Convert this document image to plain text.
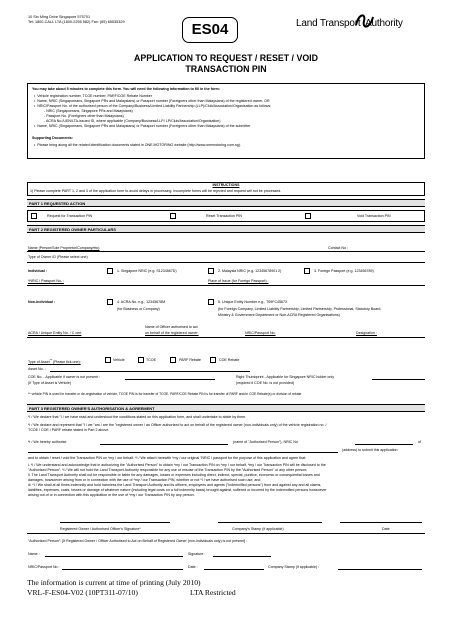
10 Sin Ming Drive Singapore 575701
Tel: 1800-CALL LTA (1800-2255 582) Fax: (65) 65535329	ES04	Land Transport Authority
APPLICATION TO REQUEST / RESET / VOID
TRANSACTION PIN
You may take about 5 minutes to complete this form. You will need the following information to fill in the form:
•  Vehicle registration number, TCOE number, PARF/COE Rebate Number
•  Name, NRIC (Singaporeans, Singapore PRs and Malaysians) or Passport number (Foreigners other than Malaysians) of the registered owner, OR
•  NRIC/Passport No. of the authorised person of the Company/Business/Limited Liability Partnership (LLP)/Club/Association/Organisation as follows:
- NRIC (Singaporeans, Singapore PRs and Malaysians)
- Passport No. (Foreigners other than Malaysians)
- ACRA No./UEN/LTA-issued ID, where applicable (Company/Business/LLP/ LP/Club/Association/Organisation)
•  Name, NRIC (Singaporeans, Singapore PRs and Malaysians) or Passport number (Foreigners other than Malaysians) of the submitter
Supporting Documents:
•  Please bring along all the related identification documents stated in ONE.MOTORING website (http://www.onemotoring.com.sg).
INSTRUCTIONS
1) Please complete PART 1, 2 and 3 of the application form to avoid delays in processing. Incomplete forms will be rejected and request will not be processed.
PART 1 REQUESTED ACTION
Request for Transaction PIN	Reset Transaction PIN	Void Transaction PIN
PART 2 REGISTERED OWNER PARTICULARS
Name (Person/Sole Proprietor/Company/etc)	Contact No :
Type of Owner ID (Please select one)
Individual :	1. Singapore NRIC (e.g. S1234567D)	2. Malaysia NRIC (e.g. 12345678901 2)	3. Foreign Passport (e.g. 123456789)
*NRIC / Passport No. :	Place of Issue (for Foreign Passport) :
Non-individual :	4. ACRA No. e.g., 12345678M
(for Business or Company)
5. Unique Entity Number e.g., T09FC4567X
(for Foreign Company, Limited Liability Partnership, Limited Partnership, Professional, Statutory Board,
Ministry & Government Department or Non-ACRA Registered Organisations)
Name of Officer authorised to act
on behalf of the registered owner:
ACRA / Unique Entity No. / C cert	NRIC/Passport No:	Designation :
Type of Asset** (Please tick one):
Vehicle	TCOE	PARF Rebate	COE Rebate
Asset No. :
COE No. - Applicable if owner is not present :
(If Type of Asset is Vehicle)
Right Thumbprint - Applicable for Singapore NRIC holder only
(required if COE No. is not provided)
** vehicle PIN is used for transfer or de-registration of vehicle, TCOE PIN is for transfer of TCOE, PARF/COE Rebate PIN is for transfer of PARF and/or COE Rebate(s) or division of rebate
PART 3 REGISTERED OWNER'S AUTHORISATION & AGREEMENT
*I / We declare that "I / we have read and understood the conditions stated on this application form, and shall undertake to abide by them.
*I / We declare and represent that "I / we "am / are the "registered owner / an Officer authorized to act on behalf of the registered owner (non-individuals only) of the vehicle registration no. /
TCOE / COE / PARF rebate stated in Part 2 above.
*I / We hereby authorise	(name of "Authorised Person"), NRIC No	of
(address) to submit this application
and to obtain / reset / void the Transaction PIN on *my / our behalf. *I / We attach herewith *my / our original "NRIC / passport for the purpose of this application and agree that:
i. *I / We understand and acknowledge that in authorizing the "Authorised Person" to obtain *my / our Transaction PIN on *my / our behalf, *my / our Transaction PIN will be disclosed to the
"Authorised Person". *I / We will not hold the Land Transport Authority responsible for any use or misuse of the Transaction PIN by the "Authorised Person" or any other person;
ii. The Land Transport Authority shall not be responsible or liable for any damages, losses or expenses including direct, indirect, special, punitive, economic or consequential losses and
damages, howsoever arising from or in connection with the use of *my / our Transaction PIN, whether or not *I / we have authorised such use; and
iii. *I / We shall at all times indemnify and hold harmless the Land Transport Authority and its officers, employees and agents ("indemnified persons") from and against any and all claims,
liabilities, expenses, costs, losses or damage of whatever nature (including legal costs on a full indemnity basis) brought against, suffered or incurred by the indemnified persons howsoever
arising out of or in connection with this application or the use of *my / our Transaction PIN by any person.
Registered Owner / Authorised Officer's Signature*	Company's Stamp (if applicable)	Date
"Authorised Person": [If Registered Owner / Officer Authorised to Act on Behalf of Registered Owner (non-individuals only) is not present] :
Name :	Signature :
NRIC/Passport No :	Date :	Company Stamp (if applicable) :
The information is current at time of printing (July 2010)
VRL-F-ES04-V02 (10PT311-07/10)	LTA Restricted
